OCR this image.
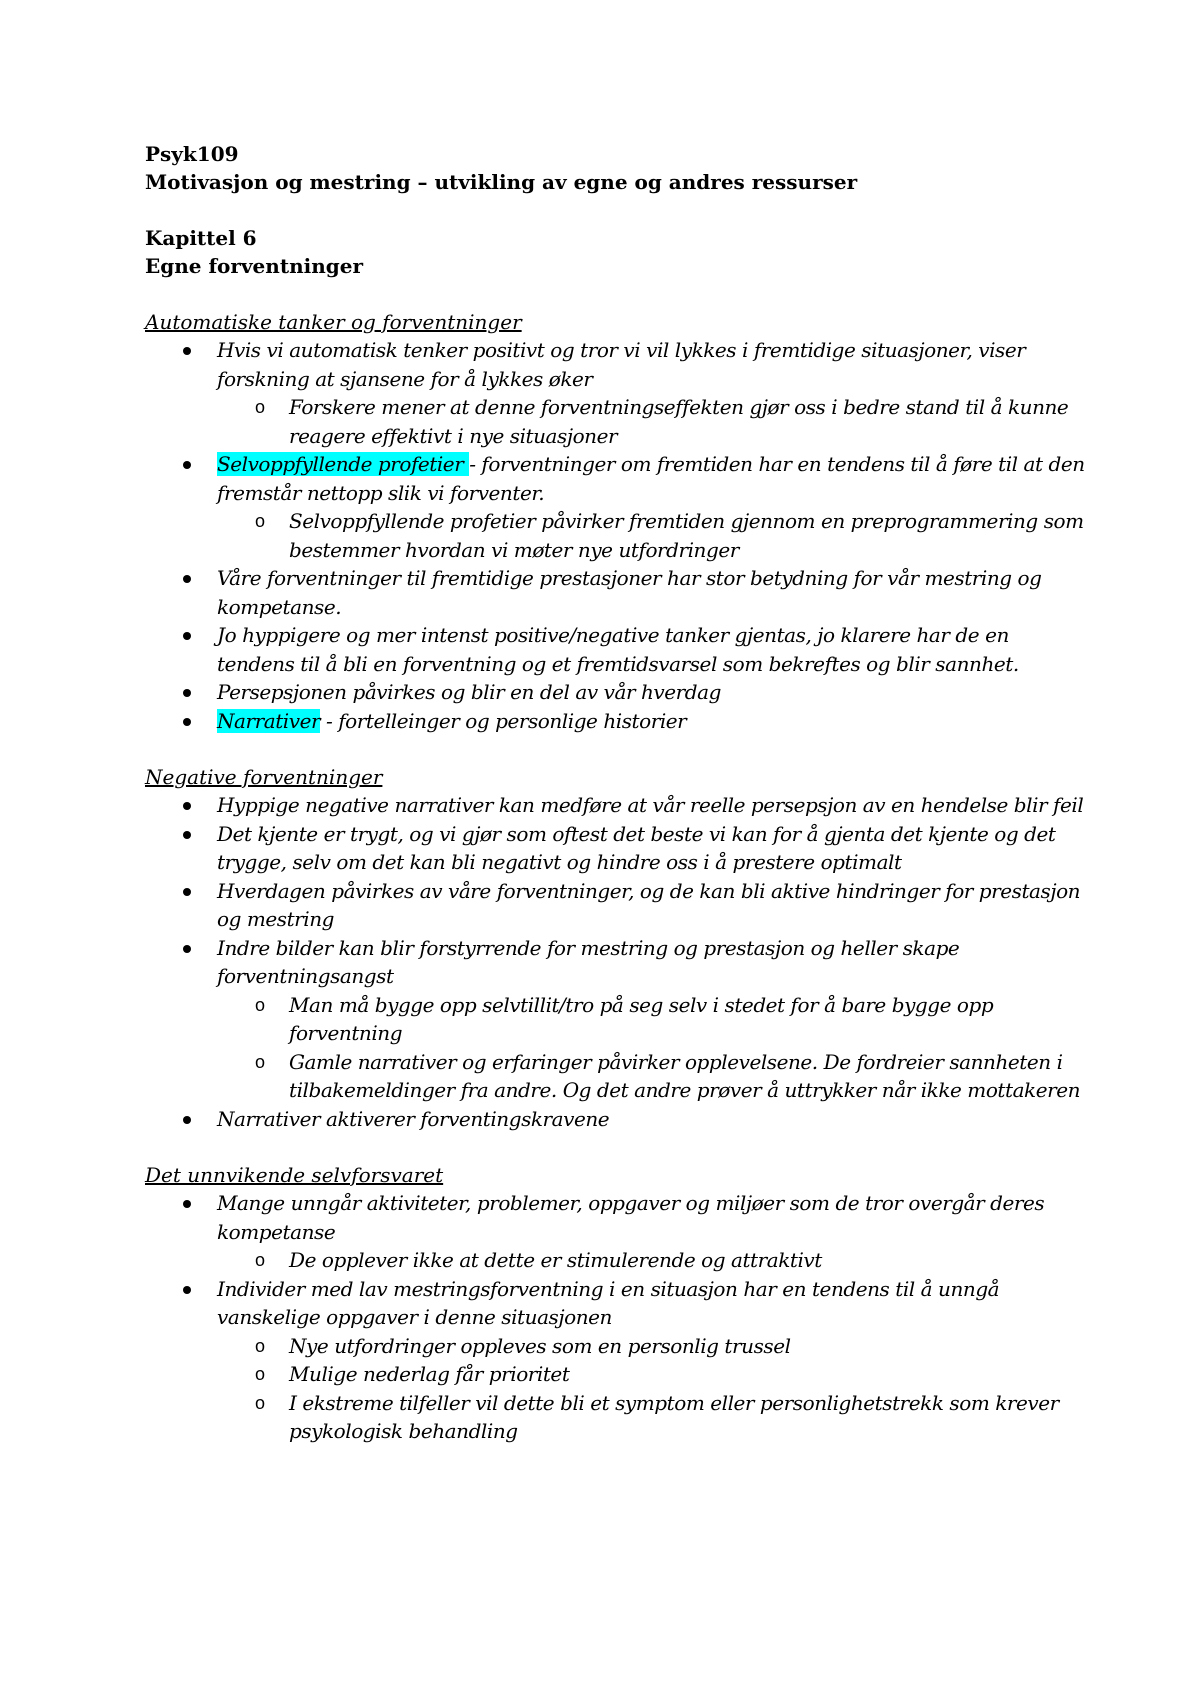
Psyk109

Motivasjon og mestring – utvikling av egne og andres ressurser

Kapittel 6

Egne forventninger

Automatiske tanker og forventninger

Hvis vi automatisk tenker positivt og tror vi vil lykkes i fremtidige situasjoner, viser forskning at sjansene for å lykkes øker
o Forskere mener at denne forventningseffekten gjør oss i bedre stand til å kunne reagere effektivt i nye situasjoner
Selvoppfyllende profetier - forventninger om fremtiden har en tendens til å føre til at den fremstår nettopp slik vi forventer.
o Selvoppfyllende profetier påvirker fremtiden gjennom en preprogrammering som bestemmer hvordan vi møter nye utfordringer
Våre forventninger til fremtidige prestasjoner har stor betydning for vår mestring og kompetanse.
Jo hyppigere og mer intenst positive/negative tanker gjentas, jo klarere har de en tendens til å bli en forventning og et fremtidsvarsel som bekreftes og blir sannhet.
Persepsjonen påvirkes og blir en del av vår hverdag
Narrativer - fortelleinger og personlige historier

Negative forventninger

Hyppige negative narrativer kan medføre at vår reelle persepsjon av en hendelse blir feil
Det kjente er trygt, og vi gjør som oftest det beste vi kan for å gjenta det kjente og det trygge, selv om det kan bli negativt og hindre oss i å prestere optimalt
Hverdagen påvirkes av våre forventninger, og de kan bli aktive hindringer for prestasjon og mestring
Indre bilder kan blir forstyrrende for mestring og prestasjon og heller skape forventningsangst
o Man må bygge opp selvtillit/tro på seg selv i stedet for å bare bygge opp forventning
o Gamle narrativer og erfaringer påvirker opplevelsene. De fordreier sannheten i tilbakemeldinger fra andre. Og det andre prøver å uttrykker når ikke mottakeren
Narrativer aktiverer forventingskravene

Det unnvikende selvforsvaret

Mange unngår aktiviteter, problemer, oppgaver og miljøer som de tror overgår deres kompetanse
o De opplever ikke at dette er stimulerende og attraktivt
Individer med lav mestringsforventning i en situasjon har en tendens til å unngå vanskelige oppgaver i denne situasjonen
o Nye utfordringer oppleves som en personlig trussel
o Mulige nederlag får prioritet
o I ekstreme tilfeller vil dette bli et symptom eller personlighetstrekk som krever psykologisk behandling
